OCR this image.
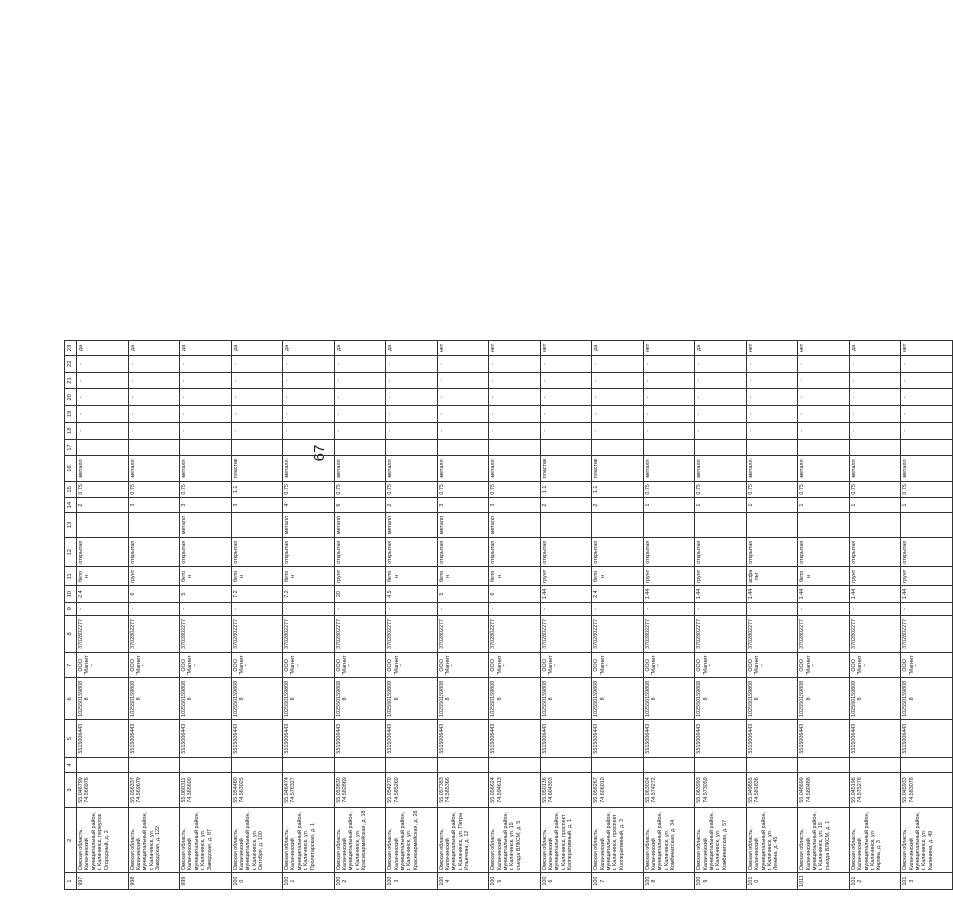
67
1	2	3	4	5	6	7	8	9	10	11	12	13	14	15	16	17	18	19	20	21	22	23
997	Омская область, Калачинский муниципальный район, г. Калачинск, переулок Огородный, д. 2	55.046799 74.568976		5515006443	1025501598088	ООО "Магнит"	3702802277	-	2.4	бетон	открытая		2	0.75	металл		-	-	-	-	-	да
998	Омская область, Калачинский муниципальный район, г. Калачинск, ул. Заводская, д. 122	55.056337 74.569679		5515006443	1025501598088	ООО "Магнит"	3702802277	-	6	грунт	открытая		3	0.75	металл		-	-	-	-	-	да
999	Омская область, Калачинский муниципальный район, г. Калачинск, ул. Заводская, д. 87	55.060311 74.565600		5515006443	1025501598088	ООО "Магнит"	3702802277	-	5	бетон	открытая	металл	3	0.75	металл		-	-	-	-	-	да
1000	Омская область, Калачинский муниципальный район, г. Калачинск, ул. Октября, д. 100	55.054480 74.563025		5515006443	1025501598088	ООО "Магнит"	3702802277	-	7.2	бетон	открытая		3	1.1	пластик		-	-	-	-	-	да
1001	Омская область, Калачинский муниципальный район, г. Калачинск, ул. Пролетарская, д. 1	55.046474 74.576327		5515006443	1025501598088	ООО "Магнит"	3702802277	-	7.2	бетон	открытая	металл	4	0.75	металл		-	-	-	-	-	да
1002	Омская область, Калачинский муниципальный район, г. Калачинск, ул. Красноармейская, д. 18	55.053830 74.582869		5515006443	1025501598088	ООО "Магнит"	3702802277	-	20	грунт	открытая	металл	6	0.75	металл		-	-	-	-	-	да
1003	Омская область, Калачинский муниципальный район, г. Калачинск, ул. Красноармейская, д. 26	55.054270 74.585260		5515006443	1025501598088	ООО "Магнит"	3702802277	-	4.5	бетон	открытая	металл	2	0.75	металл		-	-	-	-	-	да
1004	Омская область, Калачинский муниципальный район, г. Калачинск, ул. Петра Ильичева, д. 12	55.057383 74.585366		5515006443	1025501598088	ООО "Магнит"	3702802277	-	5	бетон	открытая	металл	3	0.75	металл		-	-	-	-	-	нет
1005	Омская область, Калачинский муниципальный район, г. Калачинск, ул. 15 съезда ВЛКСМ, д. 5	55.056624 74.594613		5515006443	1025501598088	ООО "Магнит"	3702802277	-	6	бетон	открытая	металл	3	0.75	металл		-	-	-	-	-	нет
1006	Омская область, Калачинский муниципальный район, г. Калачинск, проспект Кооперативный, д. 1	55.050136 74.604303		5515006443	1025501598088	ООО "Магнит"	3702802277	-	1.44	грунт	открытая		2	1.1	пластик		-	-	-	-	-	нет
1007	Омская область, Калачинский муниципальный район, г. Калачинск, проспект Кооперативный, д. 3	55.056267 74.606010		5515006443	1025501598088	ООО "Магнит"	3702802277	-	2.4	бетон	открытая		2	1.1	пластик		-	-	-	-	-	да
1008	Омская область, Калачинский муниципальный район, г. Калачинск, ул. Комбинатская, д. 34	55.063024 74.574272		5515006443	1025501598088	ООО "Магнит"	3702802277	-	1.44	грунт	открытая		1	0.75	металл		-	-	-	-	-	нет
1009	Омская область, Калачинский муниципальный район, г. Калачинск, ул. Комбинатская, д. 57	55.063993 74.573059		5515006443	1025501598088	ООО "Магнит"	3702802277	-	1.44	грунт	открытая		1	0.75	металл		-	-	-	-	-	да
1010	Омская область, Калачинский муниципальный район, г. Калачинск, ул. Ленина, д. 45	55.049855 74.581836		5515006443	1025501598088	ООО "Магнит"	3702802277	-	1.44	асфальт	открытая		1	0.75	металл		-	-	-	-	-	нет
1011	Омская область, Калачинский муниципальный район, г. Калачинск, ул. 15 съезда ВЛКСМ, д. 1	55.048699 74.580488		5515006443	1025501598088	ООО "Магнит"	3702802277	-	1.44	бетон	открытая		1	0.75	металл		-	-	-	-	-	нет
1012	Омская область, Калачинский муниципальный район, г. Калачинск, ул. Кирова, д. 3	55.045196 74.575276		5515006443	1025501598088	ООО "Магнит"	3702802277	-	1.44	грунт	открытая		1	0.75	металл		-	-	-	-	-	да
1013	Омская область, Калачинский муниципальный район, г. Калачинск, ул. Калинина, д. 49	55.045933 74.583078		5515006443	1025501598088	ООО "Магнит"	3702802277	-	1.44	грунт	открытая		1	0.75	металл		-	-	-	-	-	нет
